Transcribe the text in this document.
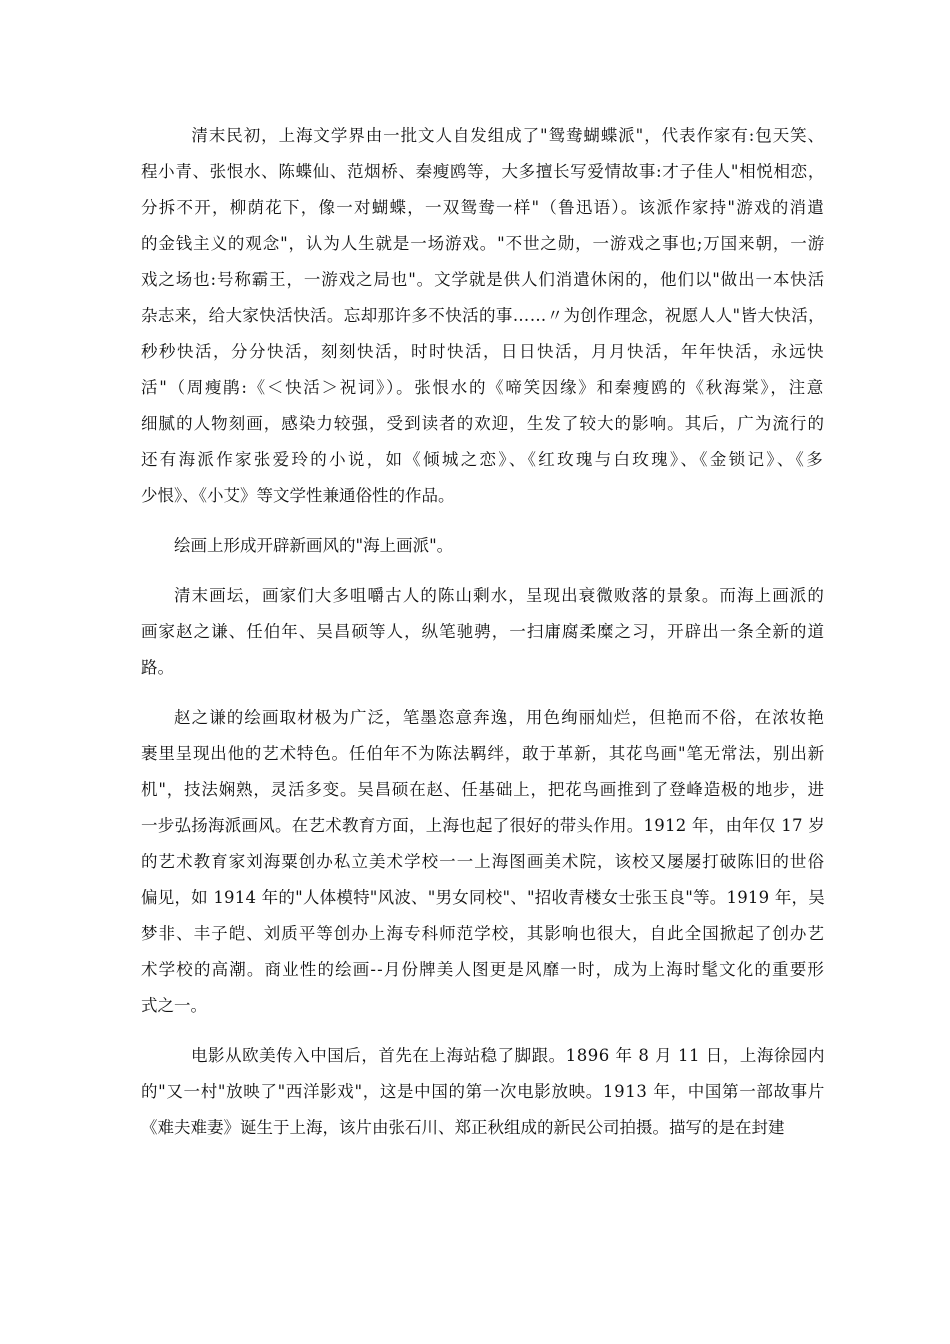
　清末民初，上海文学界由一批文人自发组成了"鸳鸯蝴蝶派"，代表作家有:包天笑、
程小青、张恨水、陈蝶仙、范烟桥、秦瘦鸥等，大多擅长写爱情故事:才子佳人"相悦相恋，
分拆不开，柳荫花下，像一对蝴蝶，一双鸳鸯一样"（鲁迅语）。该派作家持"游戏的消遣
的金钱主义的观念"，认为人生就是一场游戏。"不世之勋，一游戏之事也;万国来朝，一游
戏之场也:号称霸王，一游戏之局也"。文学就是供人们消遣休闲的，他们以"做出一本快活
杂志来，给大家快活快活。忘却那许多不快活的事……〃为创作理念，祝愿人人"皆大快活，
秒秒快活，分分快活，刻刻快活，时时快活，日日快活，月月快活，年年快活，永远快
活"（周瘦鹃:《＜快活＞祝词》）。张恨水的《啼笑因缘》和秦瘦鸥的《秋海棠》，注意
细腻的人物刻画，感染力较强，受到读者的欢迎，生发了较大的影响。其后，广为流行的
还有海派作家张爱玲的小说，如《倾城之恋》、《红玫瑰与白玫瑰》、《金锁记》、《多
少恨》、《小艾》等文学性兼通俗性的作品。
绘画上形成开辟新画风的"海上画派"。
清末画坛，画家们大多咀嚼古人的陈山剩水，呈现出衰微败落的景象。而海上画派的
画家赵之谦、任伯年、吴昌硕等人，纵笔驰骋，一扫庸腐柔糜之习，开辟出一条全新的道
路。
赵之谦的绘画取材极为广泛，笔墨恣意奔逸，用色绚丽灿烂，但艳而不俗，在浓妆艳
裹里呈现出他的艺术特色。任伯年不为陈法羁绊，敢于革新，其花鸟画"笔无常法，别出新
机"，技法娴熟，灵活多变。吴昌硕在赵、任基础上，把花鸟画推到了登峰造极的地步，进
一步弘扬海派画风。在艺术教育方面，上海也起了很好的带头作用。1912 年，由年仅 17 岁
的艺术教育家刘海粟创办私立美术学校一一上海图画美术院，该校又屡屡打破陈旧的世俗
偏见，如 1914 年的"人体模特"风波、"男女同校"、"招收青楼女士张玉良"等。1919 年，吴
梦非、丰子皑、刘质平等创办上海专科师范学校，其影响也很大，自此全国掀起了创办艺
术学校的高潮。商业性的绘画--月份牌美人图更是风靡一时，成为上海时髦文化的重要形
式之一。
　电影从欧美传入中国后，首先在上海站稳了脚跟。1896 年 8 月 11 日，上海徐园内
的"又一村"放映了"西洋影戏"，这是中国的第一次电影放映。1913 年，中国第一部故事片
《难夫难妻》诞生于上海，该片由张石川、郑正秋组成的新民公司拍摄。描写的是在封建
